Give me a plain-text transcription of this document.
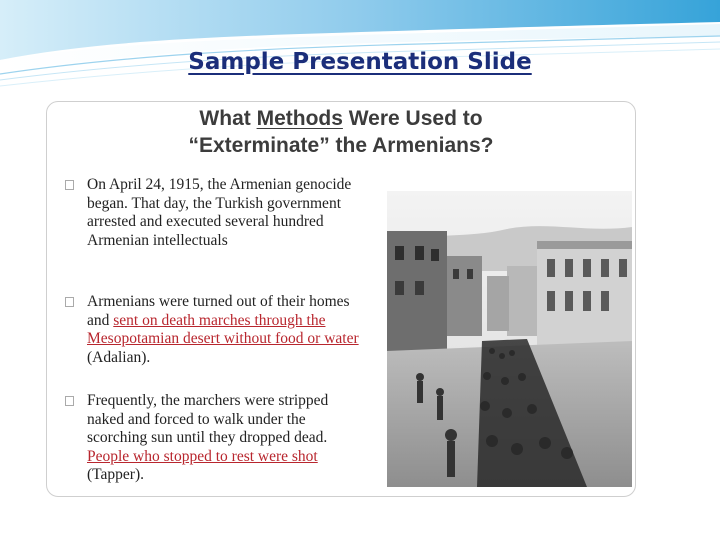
Sample Presentation Slide
What Methods Were Used to
“Exterminate” the Armenians?
On April 24, 1915, the Armenian genocide began. That day, the Turkish government arrested and executed several hundred Armenian intellectuals
Armenians were turned out of their homes and sent on death marches through the Mesopotamian desert without food or water (Adalian).
Frequently, the marchers were stripped naked and forced to walk under the scorching sun until they dropped dead. People who stopped to rest were shot (Tapper).
